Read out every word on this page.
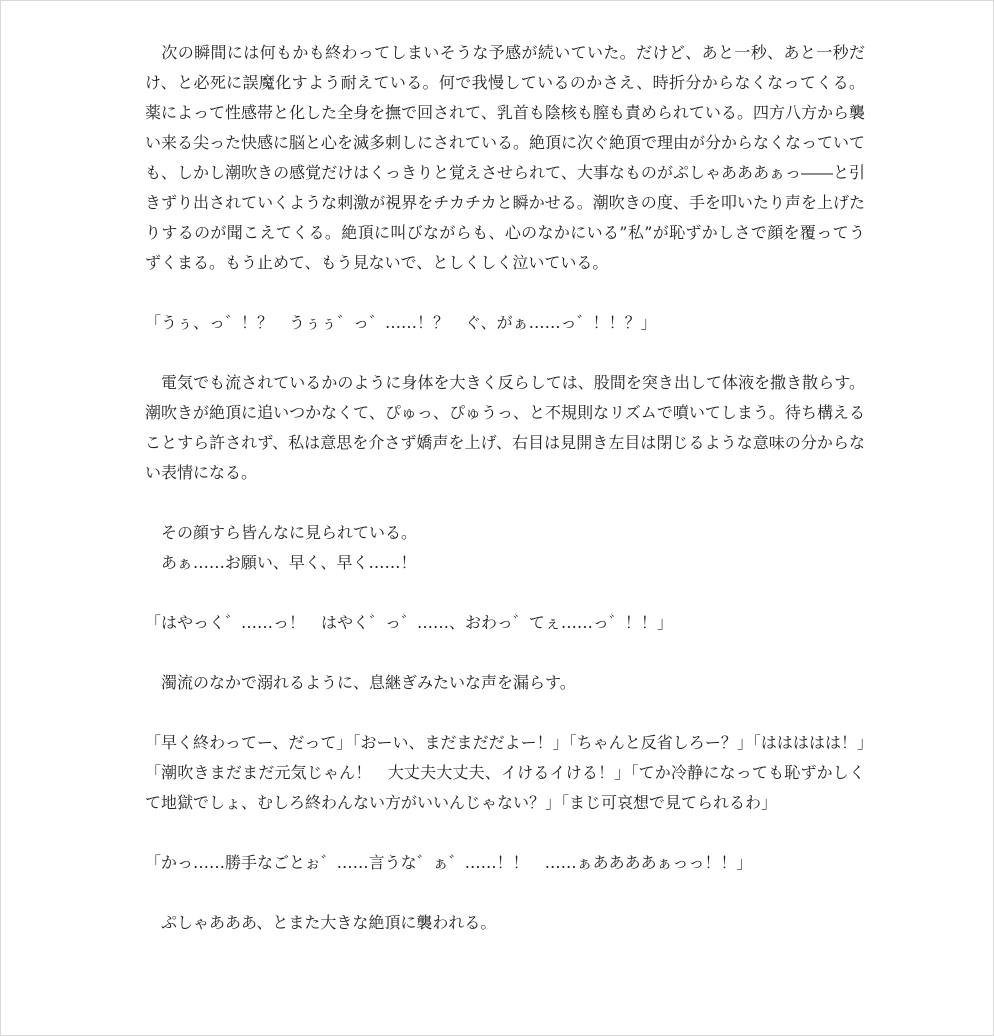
　次の瞬間には何もかも終わってしまいそうな予感が続いていた。だけど、あと一秒、あと一秒だけ、と必死に誤魔化すよう耐えている。何で我慢しているのかさえ、時折分からなくなってくる。薬によって性感帯と化した全身を撫で回されて、乳首も陰核も膣も責められている。四方八方から襲い来る尖った快感に脳と心を滅多刺しにされている。絶頂に次ぐ絶頂で理由が分からなくなっていても、しかし潮吹きの感覚だけはくっきりと覚えさせられて、大事なものがぷしゃあああぁっ――と引きずり出されていくような刺激が視界をチカチカと瞬かせる。潮吹きの度、手を叩いたり声を上げたりするのが聞こえてくる。絶頂に叫びながらも、心のなかにいる”私”が恥ずかしさで顔を覆ってうずくまる。もう止めて、もう見ないで、としくしく泣いている。

「うぅ、っ゛！？　うぅぅ゛っ゛……！？　ぐ、がぁ……っ゛！！？」

　電気でも流されているかのように身体を大きく反らしては、股間を突き出して体液を撒き散らす。潮吹きが絶頂に追いつかなくて、ぴゅっ、ぴゅうっ、と不規則なリズムで噴いてしまう。待ち構えることすら許されず、私は意思を介さず嬌声を上げ、右目は見開き左目は閉じるような意味の分からない表情になる。

　その顔すら皆んなに見られている。
　あぁ……お願い、早く、早く……！

「はやっく゛……っ！　はやく゛っ゛……、おわっ゛てぇ……っ゛！！」

　濁流のなかで溺れるように、息継ぎみたいな声を漏らす。

「早く終わってー、だって」「おーい、まだまだだよー！」「ちゃんと反省しろー？」「ははははは！」「潮吹きまだまだ元気じゃん！　大丈夫大丈夫、イけるイける！」「てか冷静になっても恥ずかしくて地獄でしょ、むしろ終わんない方がいいんじゃない？」「まじ可哀想で見てられるわ」

「かっ……勝手なごとぉ゛……言うな゛ぁ゛……！！　……ぁああああぁっっ！！」

　ぷしゃあああ、とまた大きな絶頂に襲われる。
